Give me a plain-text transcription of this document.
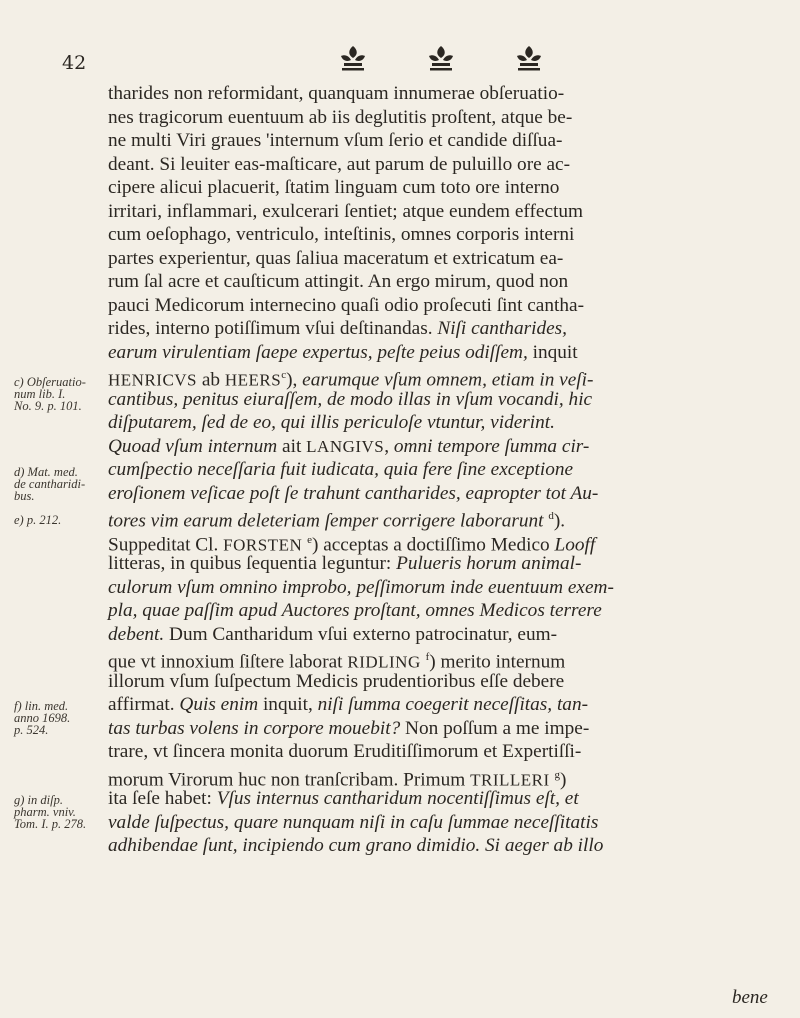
42
tharides non reformidant, quanquam innumerae obſeruatio-
nes tragicorum euentuum ab iis deglutitis proſtent, atque be-
ne multi Viri graues 'internum vſum ſerio et candide diſſua-
deant. Si leuiter eas-maſticare, aut parum de puluillo ore ac-
cipere alicui placuerit, ſtatim linguam cum toto ore interno
irritari, inflammari, exulcerari ſentiet; atque eundem effectum
cum oeſophago, ventriculo, inteſtinis, omnes corporis interni
partes experientur, quas ſaliua maceratum et extricatum ea-
rum ſal acre et cauſticum attingit. An ergo mirum, quod non
pauci Medicorum internecino quaſi odio proſecuti ſint cantha-
rides, interno potiſſimum vſui deſtinandas. Niſi cantharides,
earum virulentiam ſaepe expertus, peſte peius odiſſem, inquit
HENRICVS ab HEERS$^c$), earumque vſum omnem, etiam in veſi-
cantibus, penitus eiuraſſem, de modo illas in vſum vocandi, hic
diſputarem, ſed de eo, qui illis periculoſe vtuntur, viderint.
Quoad vſum internum ait LANGIVS, omni tempore ſumma cir-
cumſpectio neceſſaria fuit iudicata, quia fere ſine exceptione
eroſionem veſicae poſt ſe trahunt cantharides, eapropter tot Au-
tores vim earum deleteriam ſemper corrigere laborarunt $^d$).
Suppeditat Cl. FORSTEN $^e$) acceptas a doctiſſimo Medico Looff
litteras, in quibus ſequentia leguntur: Pulueris horum animal-
culorum vſum omnino improbo, peſſimorum inde euentuum exem-
pla, quae paſſim apud Auctores proſtant, omnes Medicos terrere
debent. Dum Cantharidum vſui externo patrocinatur, eum-
que vt innoxium ſiſtere laborat RIDLING $^f$) merito internum
illorum vſum ſuſpectum Medicis prudentioribus eſſe debere
affirmat. Quis enim inquit, niſi ſumma coegerit neceſſitas, tan-
tas turbas volens in corpore mouebit? Non poſſum a me impe-
trare, vt ſincera monita duorum Eruditiſſimorum et Expertiſſi-
morum Virorum huc non tranſcribam. Primum TRILLERI $^g$)
ita ſeſe habet: Vſus internus cantharidum nocentiſſimus eſt, et
valde ſuſpectus, quare nunquam niſi in caſu ſummae neceſſitatis
adhibendae ſunt, incipiendo cum grano dimidio. Si aeger ab illo
c) Obſeruatio-
num lib. I.
No. 9. p. 101.
d) Mat. med.
de cantharidi-
bus.
e) p. 212.
f) lin. med.
anno 1698.
p. 524.
g) in diſp.
pharm. vniv.
Tom. I. p. 278.
bene
